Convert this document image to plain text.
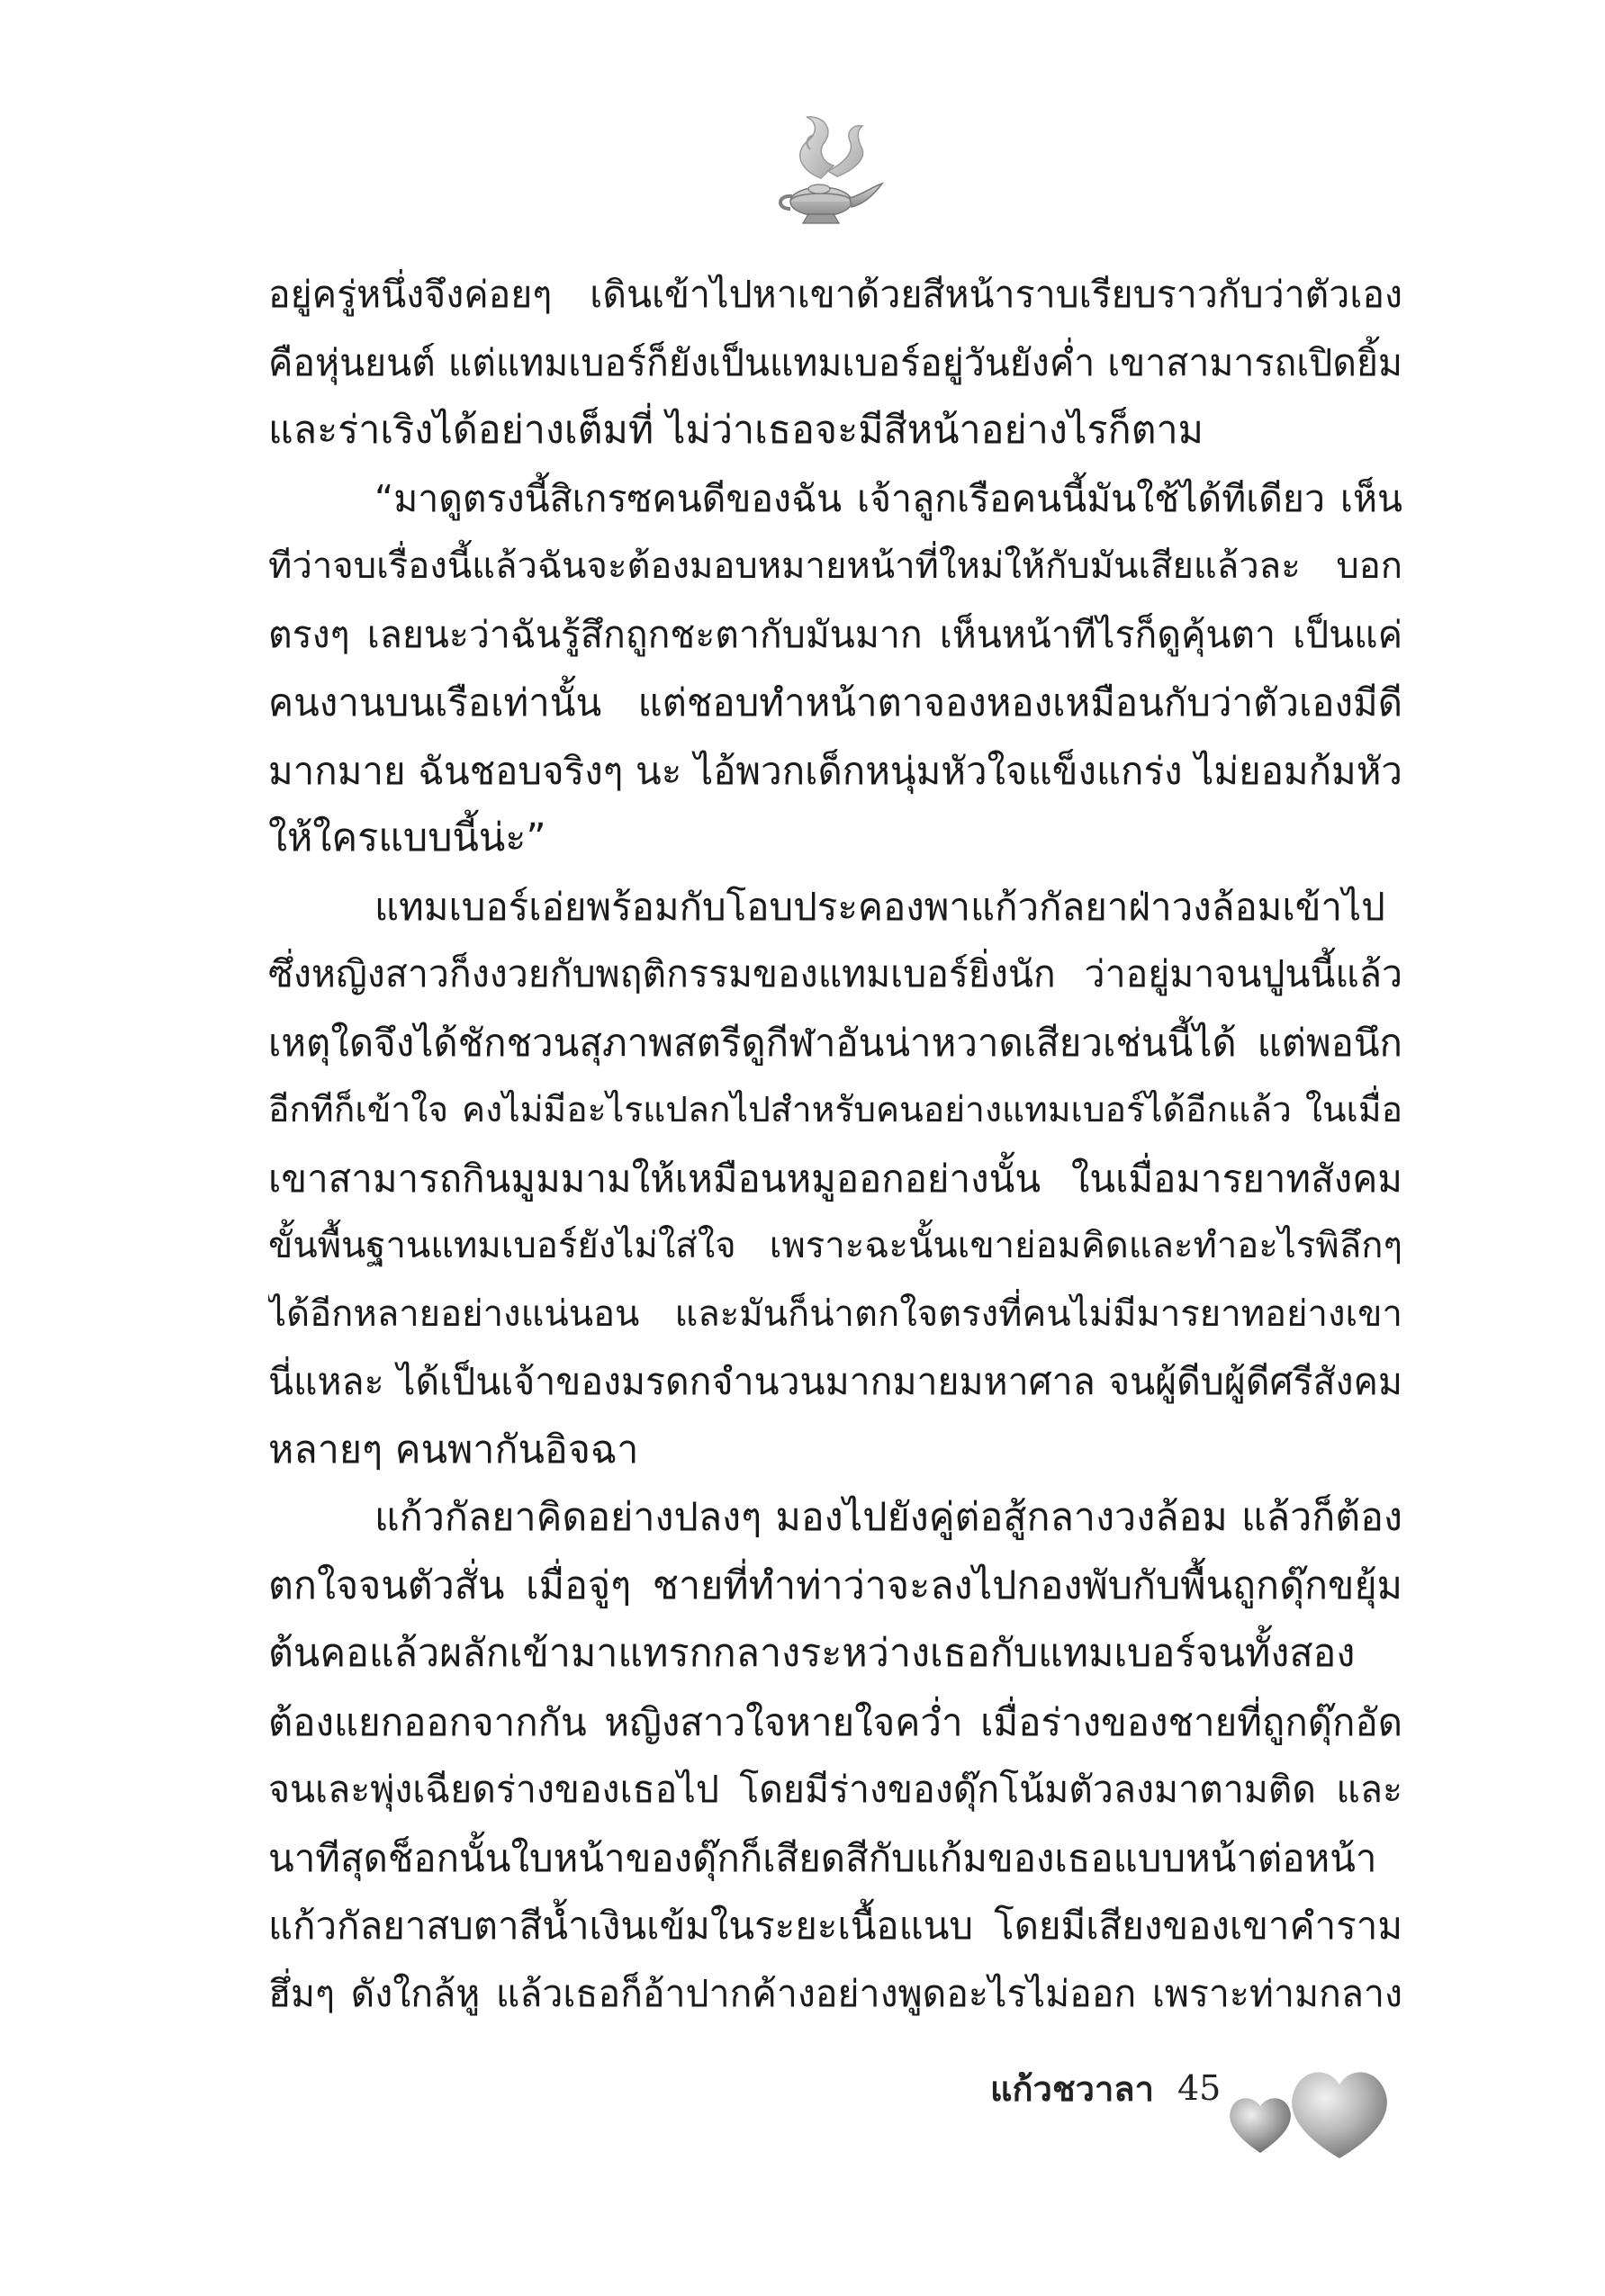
อยู่ครู่หนึ่งจึงค่อยๆ เดินเข้าไปหาเขาด้วยสีหน้าราบเรียบราวกับว่าตัวเอง
คือหุ่นยนต์ แต่แทมเบอร์ก็ยังเป็นแทมเบอร์อยู่วันยังค่ำ เขาสามารถเปิดยิ้ม
และร่าเริงได้อย่างเต็มที่ ไม่ว่าเธอจะมีสีหน้าอย่างไรก็ตาม
“มาดูตรงนี้สิเกรซคนดีของฉัน เจ้าลูกเรือคนนี้มันใช้ได้ทีเดียว เห็น
ทีว่าจบเรื่องนี้แล้วฉันจะต้องมอบหมายหน้าที่ใหม่ให้กับมันเสียแล้วละ บอก
ตรงๆ เลยนะว่าฉันรู้สึกถูกชะตากับมันมาก เห็นหน้าทีไรก็ดูคุ้นตา เป็นแค่
คนงานบนเรือเท่านั้น แต่ชอบทำหน้าตาจองหองเหมือนกับว่าตัวเองมีดี
มากมาย ฉันชอบจริงๆ นะ ไอ้พวกเด็กหนุ่มหัวใจแข็งแกร่ง ไม่ยอมก้มหัว
ให้ใครแบบนี้น่ะ”
แทมเบอร์เอ่ยพร้อมกับโอบประคองพาแก้วกัลยาฝ่าวงล้อมเข้าไป
ซึ่งหญิงสาวก็งงวยกับพฤติกรรมของแทมเบอร์ยิ่งนัก ว่าอยู่มาจนปูนนี้แล้ว
เหตุใดจึงได้ชักชวนสุภาพสตรีดูกีฬาอันน่าหวาดเสียวเช่นนี้ได้ แต่พอนึก
อีกทีก็เข้าใจ คงไม่มีอะไรแปลกไปสำหรับคนอย่างแทมเบอร์ได้อีกแล้ว ในเมื่อ
เขาสามารถกินมูมมามให้เหมือนหมูออกอย่างนั้น ในเมื่อมารยาทสังคม
ขั้นพื้นฐานแทมเบอร์ยังไม่ใส่ใจ เพราะฉะนั้นเขาย่อมคิดและทำอะไรพิลึกๆ
ได้อีกหลายอย่างแน่นอน และมันก็น่าตกใจตรงที่คนไม่มีมารยาทอย่างเขา
นี่แหละ ได้เป็นเจ้าของมรดกจำนวนมากมายมหาศาล จนผู้ดีบผู้ดีศรีสังคม
หลายๆ คนพากันอิจฉา
แก้วกัลยาคิดอย่างปลงๆ มองไปยังคู่ต่อสู้กลางวงล้อม แล้วก็ต้อง
ตกใจจนตัวสั่น เมื่อจู่ๆ ชายที่ทำท่าว่าจะลงไปกองพับกับพื้นถูกดุ๊กขยุ้ม
ต้นคอแล้วผลักเข้ามาแทรกกลางระหว่างเธอกับแทมเบอร์จนทั้งสอง
ต้องแยกออกจากกัน หญิงสาวใจหายใจคว่ำ เมื่อร่างของชายที่ถูกดุ๊กอัด
จนเละพุ่งเฉียดร่างของเธอไป โดยมีร่างของดุ๊กโน้มตัวลงมาตามติด และ
นาทีสุดช็อกนั้นใบหน้าของดุ๊กก็เสียดสีกับแก้มของเธอแบบหน้าต่อหน้า
แก้วกัลยาสบตาสีน้ำเงินเข้มในระยะเนื้อแนบ โดยมีเสียงของเขาคำราม
ฮึ่มๆ ดังใกล้หู แล้วเธอก็อ้าปากค้างอย่างพูดอะไรไม่ออก เพราะท่ามกลาง
แก้วชวาลา 45
